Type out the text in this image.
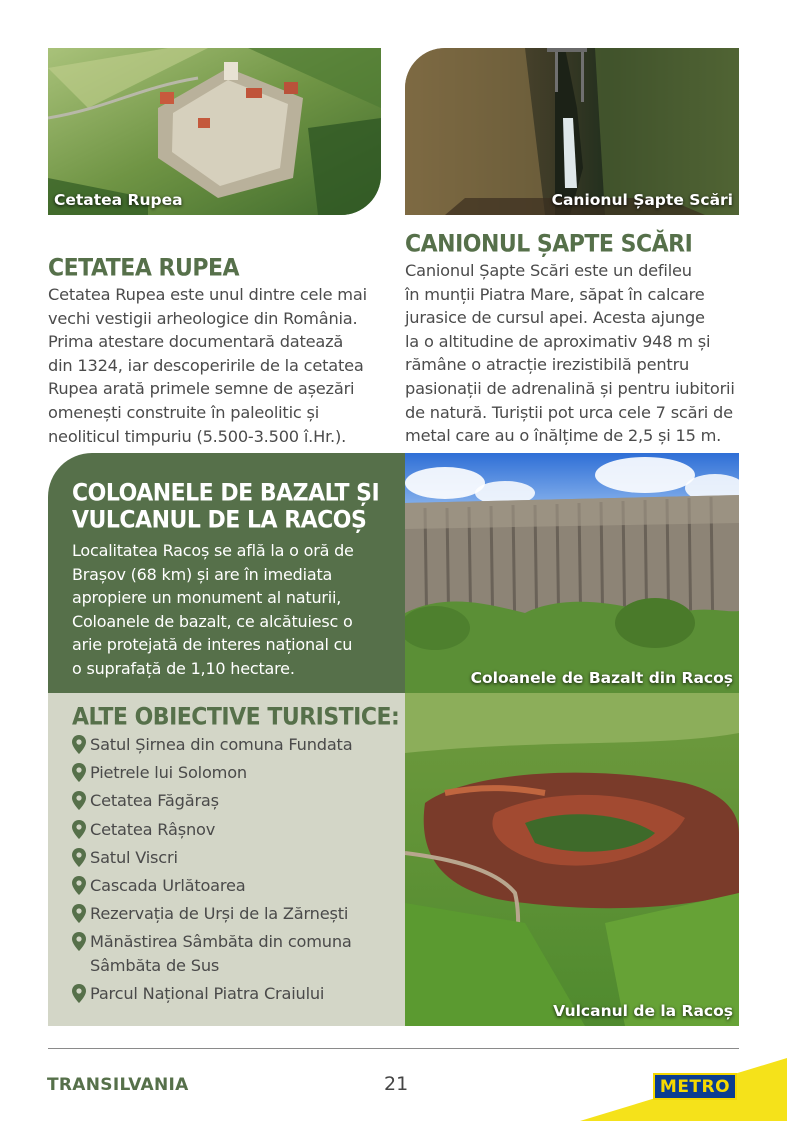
Cetatea Rupea	Canionul Șapte Scări
CETATEA RUPEA
Cetatea Rupea este unul dintre cele mai
vechi vestigii arheologice din România.
Prima atestare documentară datează
din 1324, iar descoperirile de la cetatea
Rupea arată primele semne de așezări
omenești construite în paleolitic și
neoliticul timpuriu (5.500-3.500 î.Hr.).
CANIONUL ȘAPTE SCĂRI
Canionul Șapte Scări este un defileu
în munții Piatra Mare, săpat în calcare
jurasice de cursul apei. Acesta ajunge
la o altitudine de aproximativ 948 m și
rămâne o atracție irezistibilă pentru
pasionații de adrenalină și pentru iubitorii
de natură. Turiștii pot urca cele 7 scări de
metal care au o înălțime de 2,5 și 15 m.
COLOANELE DE BAZALT ȘI
VULCANUL DE LA RACOȘ
Localitatea Racoș se află la o oră de
Brașov (68 km) și are în imediata
apropiere un monument al naturii,
Coloanele de bazalt, ce alcătuiesc o
arie protejată de interes național cu
o suprafață de 1,10 hectare.
Coloanele de Bazalt din Racoș
ALTE OBIECTIVE TURISTICE:
Satul Șirnea din comuna Fundata
Pietrele lui Solomon
Cetatea Făgăraș
Cetatea Râșnov
Satul Viscri
Cascada Urlătoarea
Rezervația de Urși de la Zărnești
Mănăstirea Sâmbăta din comuna
Sâmbăta de Sus
Parcul Național Piatra Craiului
Vulcanul de la Racoș
TRANSILVANIA	21	METRO
